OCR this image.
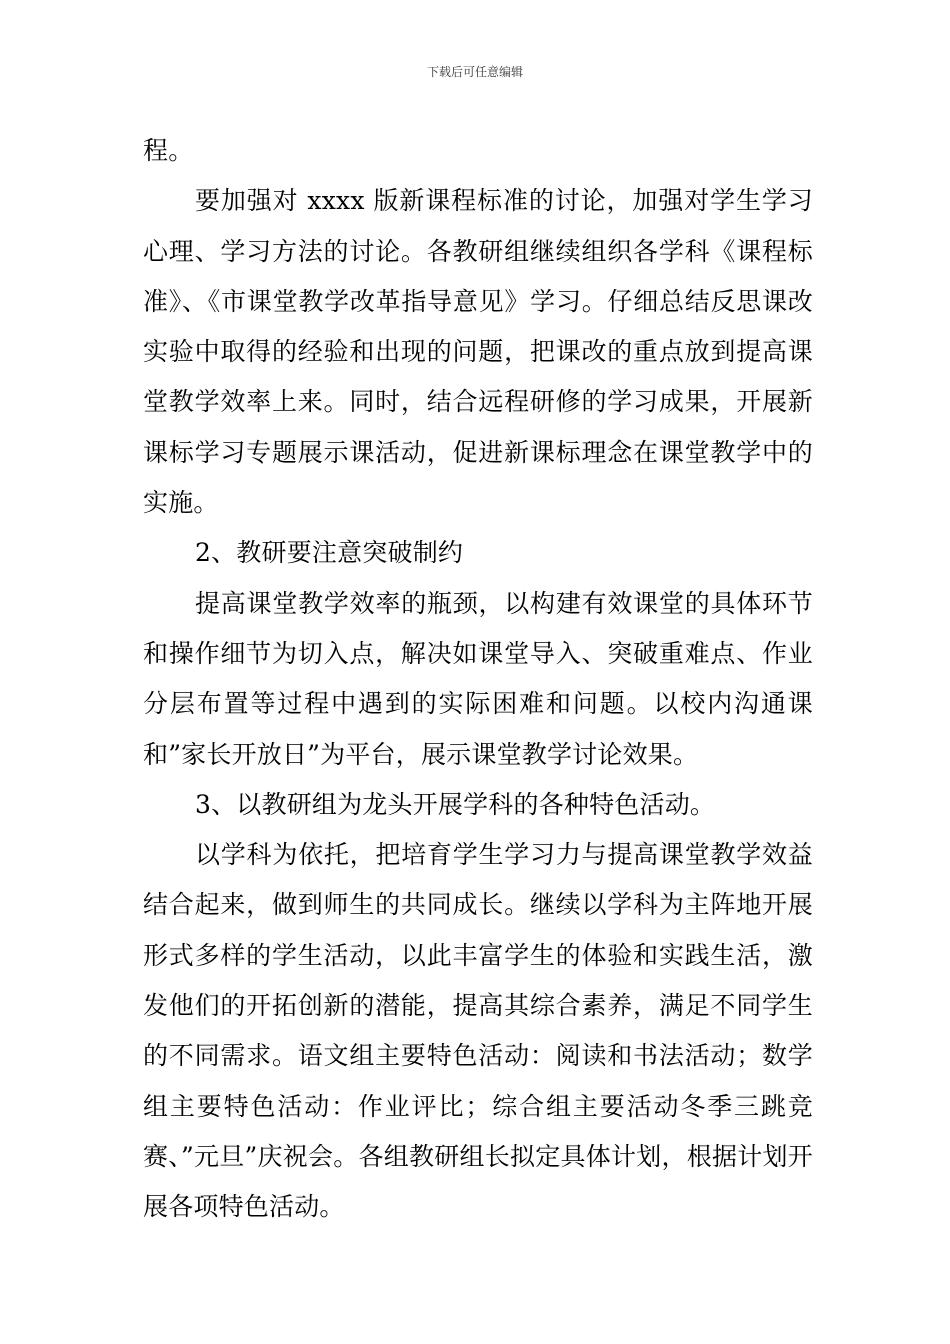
下载后可任意编辑

程。

要加强对 xxxx 版新课程标准的讨论，加强对学生学习心理、学习方法的讨论。各教研组继续组织各学科《课程标准》、《市课堂教学改革指导意见》学习。仔细总结反思课改实验中取得的经验和出现的问题，把课改的重点放到提高课堂教学效率上来。同时，结合远程研修的学习成果，开展新课标学习专题展示课活动，促进新课标理念在课堂教学中的实施。

2、教研要注意突破制约

提高课堂教学效率的瓶颈，以构建有效课堂的具体环节和操作细节为切入点，解决如课堂导入、突破重难点、作业分层布置等过程中遇到的实际困难和问题。以校内沟通课和”家长开放日”为平台，展示课堂教学讨论效果。

3、以教研组为龙头开展学科的各种特色活动。

以学科为依托，把培育学生学习力与提高课堂教学效益结合起来，做到师生的共同成长。继续以学科为主阵地开展形式多样的学生活动，以此丰富学生的体验和实践生活，激发他们的开拓创新的潜能，提高其综合素养，满足不同学生的不同需求。语文组主要特色活动：阅读和书法活动；数学组主要特色活动：作业评比；综合组主要活动冬季三跳竞赛、”元旦”庆祝会。各组教研组长拟定具体计划，根据计划开展各项特色活动。
